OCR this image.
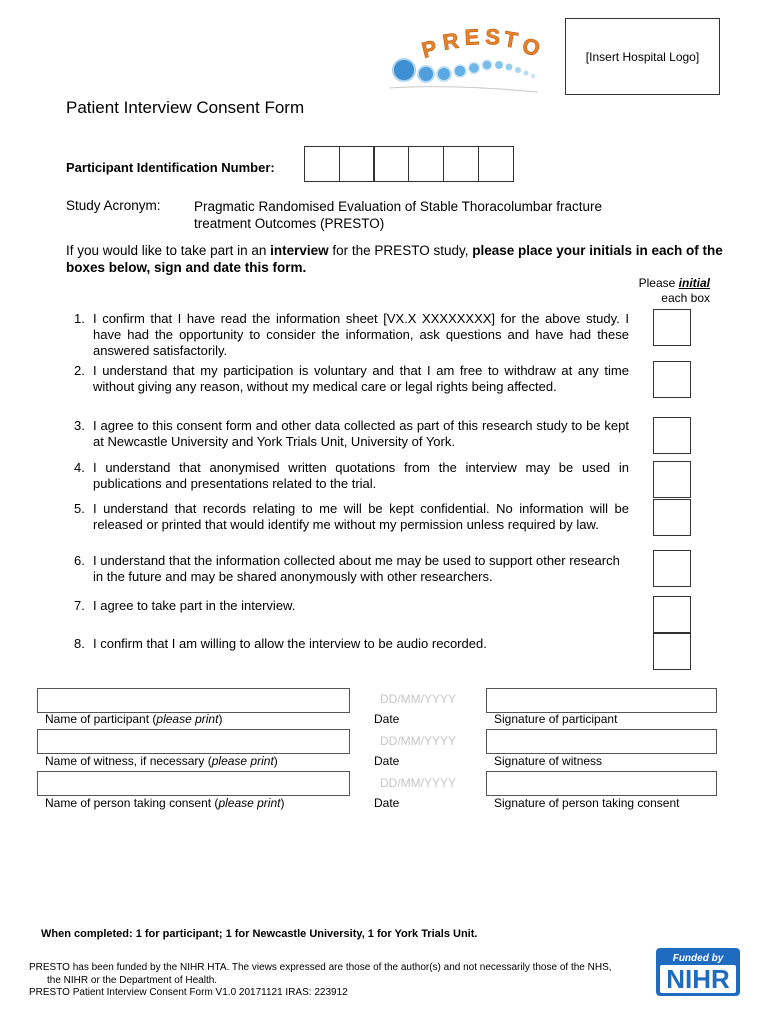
P R E S T O	[Insert Hospital Logo]
Patient Interview Consent Form
Participant Identification Number:
Study Acronym: Pragmatic Randomised Evaluation of Stable Thoracolumbar fracture
treatment Outcomes (PRESTO)
If you would like to take part in an interview for the PRESTO study, please place your initials in each of the boxes below, sign and date this form.
Please initial
each box
1. I confirm that I have read the information sheet [VX.X XXXXXXXX] for the above study. I have had the opportunity to consider the information, ask questions and have had these answered satisfactorily.
2. I understand that my participation is voluntary and that I am free to withdraw at any time without giving any reason, without my medical care or legal rights being affected.
3. I agree to this consent form and other data collected as part of this research study to be kept at Newcastle University and York Trials Unit, University of York.
4. I understand that anonymised written quotations from the interview may be used in publications and presentations related to the trial.
5. I understand that records relating to me will be kept confidential. No information will be released or printed that would identify me without my permission unless required by law.
6. I understand that the information collected about me may be used to support other research in the future and may be shared anonymously with other researchers.
7. I agree to take part in the interview.
8. I confirm that I am willing to allow the interview to be audio recorded.
DD/MM/YYYY
Name of participant (please print)	Date	Signature of participant
DD/MM/YYYY
Name of witness, if necessary (please print)	Date	Signature of witness
DD/MM/YYYY
Name of person taking consent (please print)	Date	Signature of person taking consent
When completed: 1 for participant; 1 for Newcastle University, 1 for York Trials Unit.
PRESTO has been funded by the NIHR HTA. The views expressed are those of the author(s) and not necessarily those of the NHS,
the NIHR or the Department of Health.
PRESTO Patient Interview Consent Form V1.0 20171121 IRAS: 223912
Funded by
NIHR
